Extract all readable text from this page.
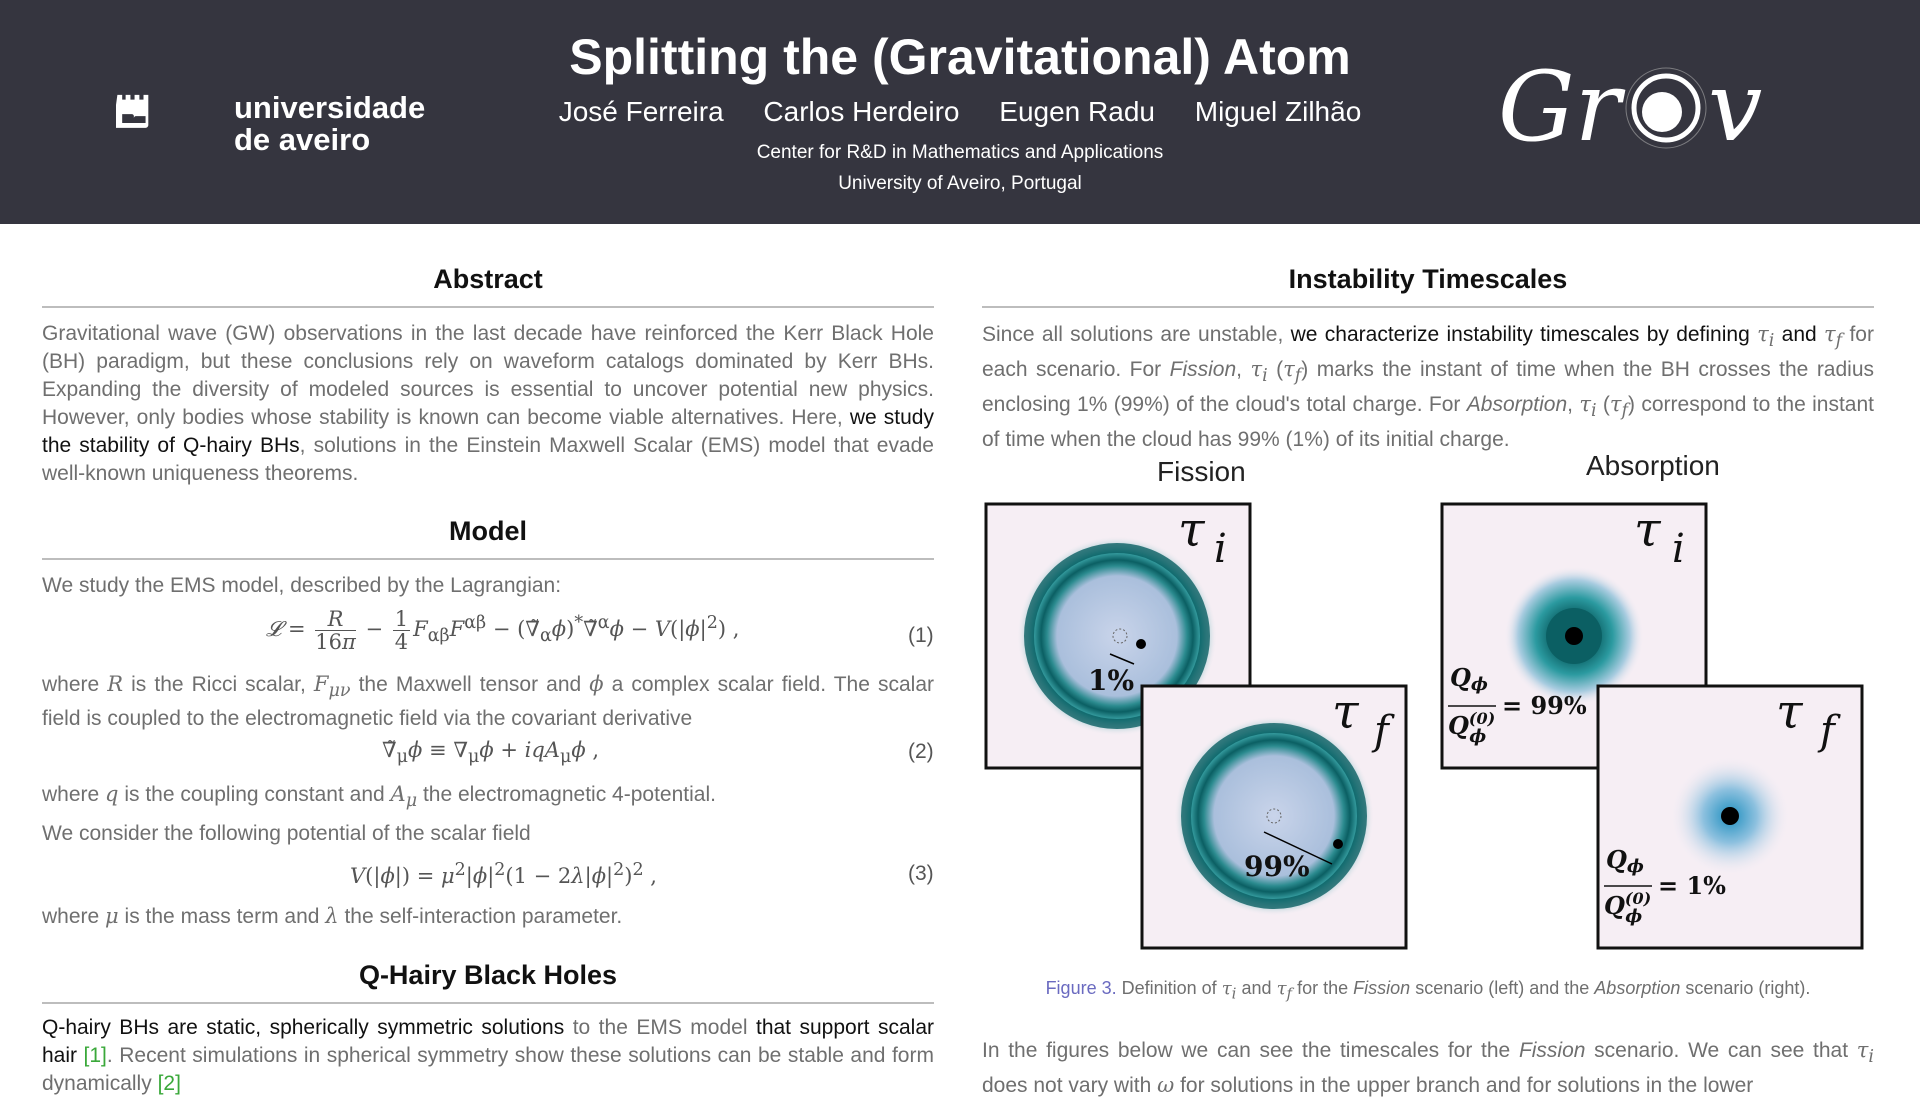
universidade
de aveiro
Splitting the (Gravitational) Atom
José Ferreira Carlos Herdeiro Eugen Radu Miguel Zilhão
Center for R&D in Mathematics and Applications
University of Aveiro, Portugal
Gr v
Abstract
Gravitational wave (GW) observations in the last decade have reinforced the Kerr Black Hole (BH) paradigm, but these conclusions rely on waveform catalogs dominated by Kerr BHs. Expanding the diversity of modeled sources is essential to uncover potential new physics. However, only bodies whose stability is known can become viable alternatives. Here, we study the stability of Q-hairy BHs, solutions in the Einstein Maxwell Scalar (EMS) model that evade well-known uniqueness theorems.
Model
We study the EMS model, described by the Lagrangian:
𝓛 = $\frac{R}{16\pi} - \frac{1}{4} F_{\alpha\beta}F^{\alpha\beta}$ − $(\nablã_\alpha\phi)^*\nablã^\alpha\phi - V(|\phi|^2)$ ,	(1)
where R is the Ricci scalar, $F_{\mu\nu}$ the Maxwell tensor and ϕ a complex scalar field. The scalar field is coupled to the electromagnetic field via the covariant derivative
$\nablã_\mu\phi \equiv \nabla_\mu\phi + iqA_\mu\phi$ ,	(2)
where q is the coupling constant and $A_\mu$ the electromagnetic 4-potential.
We consider the following potential of the scalar field
$V(|\phi|) = \mu^2|\phi|^2(1 - 2\lambda|\phi|^2)^2$ ,	(3)
where μ is the mass term and λ the self-interaction parameter.
Q-Hairy Black Holes
Q-hairy BHs are static, spherically symmetric solutions to the EMS model that support scalar hair [1]. Recent simulations in spherical symmetry show these solutions can be stable and form dynamically [2]
Instability Timescales
Since all solutions are unstable, we characterize instability timescales by defining $\tau_i$ and $\tau_f$ for each scenario. For Fission, $\tau_i$ $(\tau_f)$ marks the instant of time when the BH crosses the radius enclosing 1% (99%) of the cloud's total charge. For Absorption, $\tau_i$ $(\tau_f)$ correspond to the instant of time when the cloud has 99% (1%) of its initial charge.
Fission	Absorption
1%
𝜏 i
99%
𝜏 f
𝜏 i
Qϕ
$Q^{(0)}$ ϕ
= 99%	𝜏 f
Qϕ
$Q^{(0)}$ ϕ
= 1%
Figure 3. Definition of $\tau_i$ and $\tau_f$ for the Fission scenario (left) and the Absorption scenario (right).
In the figures below we can see the timescales for the Fission scenario. We can see that $\tau_i$ does not vary with ω for solutions in the upper branch and for solutions in the lower
